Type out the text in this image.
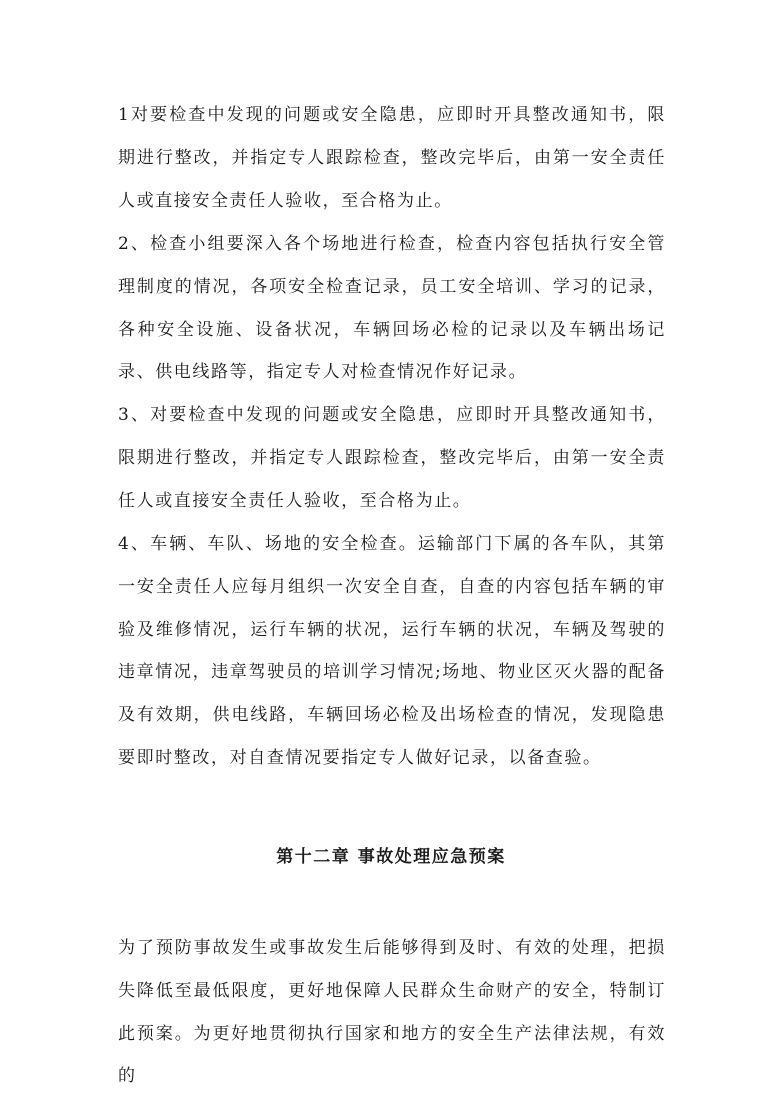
1对要检查中发现的问题或安全隐患，应即时开具整改通知书，限期进行整改，并指定专人跟踪检查，整改完毕后，由第一安全责任人或直接安全责任人验收，至合格为止。

2、检查小组要深入各个场地进行检查，检查内容包括执行安全管理制度的情况，各项安全检查记录，员工安全培训、学习的记录，各种安全设施、设备状况，车辆回场必检的记录以及车辆出场记录、供电线路等，指定专人对检查情况作好记录。

3、对要检查中发现的问题或安全隐患，应即时开具整改通知书，限期进行整改，并指定专人跟踪检查，整改完毕后，由第一安全责任人或直接安全责任人验收，至合格为止。

4、车辆、车队、场地的安全检查。运输部门下属的各车队，其第一安全责任人应每月组织一次安全自查，自查的内容包括车辆的审验及维修情况，运行车辆的状况，运行车辆的状况，车辆及驾驶的违章情况，违章驾驶员的培训学习情况;场地、物业区灭火器的配备及有效期，供电线路，车辆回场必检及出场检查的情况，发现隐患要即时整改，对自查情况要指定专人做好记录，以备查验。

第十二章 事故处理应急预案

为了预防事故发生或事故发生后能够得到及时、有效的处理，把损失降低至最低限度，更好地保障人民群众生命财产的安全，特制订此预案。为更好地贯彻执行国家和地方的安全生产法律法规，有效的
